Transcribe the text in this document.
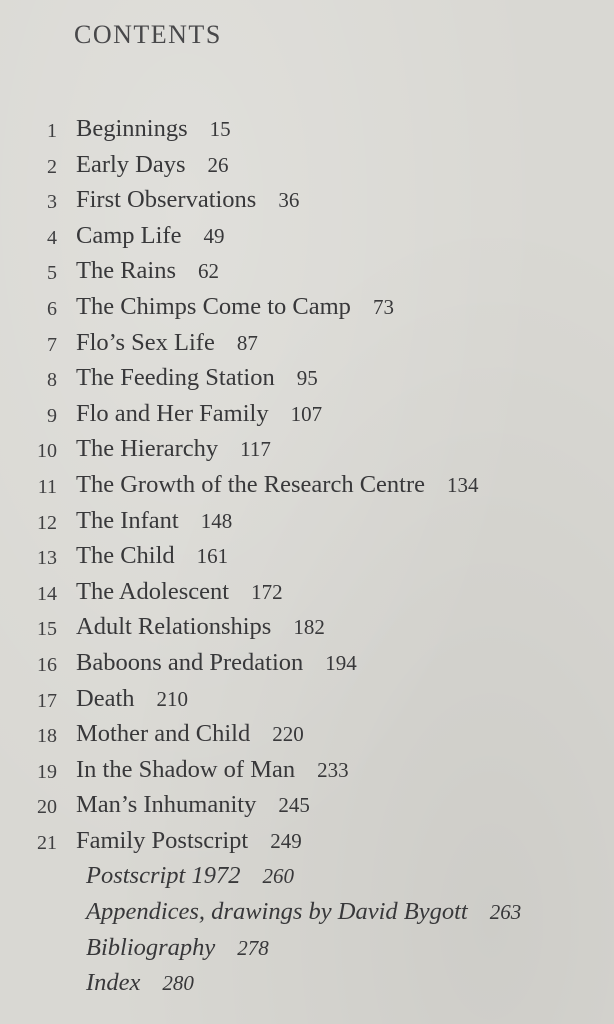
CONTENTS
1 Beginnings 15
2 Early Days 26
3 First Observations 36
4 Camp Life 49
5 The Rains 62
6 The Chimps Come to Camp 73
7 Flo’s Sex Life 87
8 The Feeding Station 95
9 Flo and Her Family 107
10 The Hierarchy 117
11 The Growth of the Research Centre 134
12 The Infant 148
13 The Child 161
14 The Adolescent 172
15 Adult Relationships 182
16 Baboons and Predation 194
17 Death 210
18 Mother and Child 220
19 In the Shadow of Man 233
20 Man’s Inhumanity 245
21 Family Postscript 249
Postscript 1972 260
Appendices, drawings by David Bygott 263
Bibliography 278
Index 280
